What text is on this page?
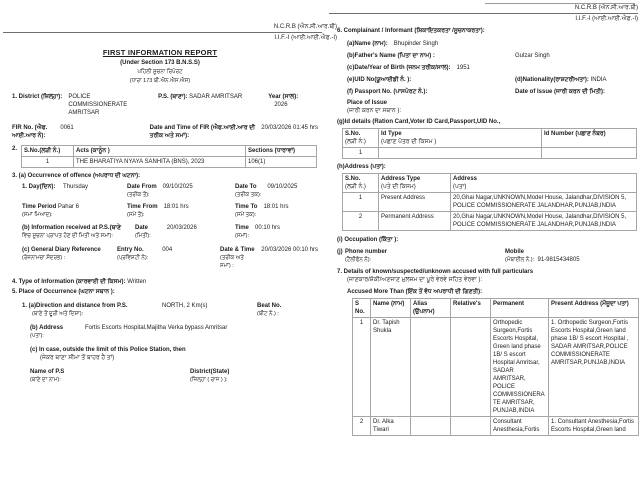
N.C.R.B (ਐਨ.ਸੀ.ਆਰ.ਬੀ)
I.I.F.-I (ਆਈ.ਆਈ.ਐਫ.-I)
FIRST INFORMATION REPORT
(Under Section 173 B.N.S.S)
ਪਹਿਲੀ ਸੂਚਨਾ ਰਿਪੋਰਟ
(ਧਾਰਾ 173 ਬੀ.ਐਨ.ਐਸ.ਐਸ)
1. District (ਜ਼ਿਲ੍ਹਾ): POLICE COMMISSIONERATE AMRITSAR
P.S. (ਥਾਣਾ): SADAR AMRITSAR	Year (ਸਾਲ): 2026
FIR No. (ਐਫ. ਆਈ.ਆਰ ਨੰ):
0061	Date and Time of FIR (ਐਫ.ਆਈ.ਆਰ ਦੀ ਤਰੀਕ ਅਤੇ ਸਮਾਂ):
20/03/2026 01:45 hrs
2.	S.No.(ਲੜੀ ਨੰ.)	Acts (ਕਾਨੂੰਨ )	Sections (ਧਾਰਾਵਾਂ)
1	THE BHARATIYA NYAYA SANHITA (BNS), 2023	106(1)
3. (a) Occurrence of offence (ਅਪਰਾਧ ਦੀ ਘਟਨਾ):
1. Day(ਦਿਨ): Thursday	Date From
(ਤਰੀਕ ਤੋਂ):
09/10/2025	Date To
(ਤਰੀਕ ਤਕ):
09/10/2025
Time Period Pahar 6
(ਸਮਾਂ ਮਿਆਦ):
Time From
(ਸਮੇਂ ਤੋਂ):
18:01 hrs	Time To
(ਸਮੇਂ ਤਕ):
18:01 hrs
(b) Information received at P.S.(ਥਾਣੇ
ਵਿਚ ਸੂਚਨਾ ਪ੍ਰਾਪਤ ਹੋਣ ਦੀ ਮਿਤੀ ਅਤੇ ਸਮਾਂ):
Date
(ਮਿਤੀ):
20/03/2026	Time
(ਸਮਾਂ):
00:10 hrs
(c) General Diary Reference
(ਰੋਜ਼ਨਾਮਚਾ ਸੰਦਰਭ) :
Entry No.
(ਪ੍ਰਵਿਸ਼ਟੀ ਨੰ):
004	Date & Time
(ਤਰੀਕ ਅਤੇ ਸਮਾਂ) :
20/03/2026 00:10 hrs
4. Type of Information (ਕਾਰਵਾਈ ਦੀ ਕਿਸਮ): Written
5. Place of Occurrence (ਘਟਨਾ ਸਥਾਨ ):
1. (a)Direction and distance from P.S.
(ਥਾਣੇ ਤੋਂ ਦੂਰੀ ਅਤੇ ਦਿਸ਼ਾ):
NORTH, 2 Km(s)	Beat No.
(ਬੀਟ ਨੰ.) :
(b) Address
(ਪਤਾ):
Fortis Escorts Hospital,Majitha Verka bypass Amritsar
(c) In case, outside the limit of this Police Station, then
(ਜੇਕਰ ਥਾਣਾ ਸੀਮਾ ਤੋਂ ਬਾਹਰ ਹੈ ਤਾਂ)
Name of P.S
(ਥਾਣੇ ਦਾ ਨਾਮ):
District(State)
(ਜ਼ਿਲ੍ਹਾ ( ਰਾਜ ) ):
N.C.R.B (ਐਨ.ਸੀ.ਆਰ.ਬੀ)
I.I.F.-I (ਆਈ.ਆਈ.ਐਫ.-I)
6. Complainant / Informant (ਸ਼ਿਕਾਇਤਕਰਤਾ /ਸੂਚਨਾਕਰਤਾ):
(a)Name (ਨਾਮ): Bhupinder Singh
(b)Father's Name (ਪਿਤਾ ਦਾ ਨਾਮ) :	Gulzar Singh
(c)Date/Year of Birth (ਜਨਮ ਤਰੀਕ/ਸਾਲ): 1951
(e)UID No(ਯੂਆਈਡੀ ਨੰ. ):	(d)Nationality(ਰਾਸ਼ਟਰੀਅਤਾ): INDIA
(f) Passport No. (ਪਾਸਪੋਰਟ ਨੰ.):	Date of Issue (ਜਾਰੀ ਕਰਨ ਦੀ ਮਿਤੀ):
Place of Issue
(ਜਾਰੀ ਕਰਨ ਦਾ ਸਥਾਨ ):
(g)Id details (Ration Card,Voter ID Card,Passport,UID No.,
S.No.
(ਲੜੀ ਨੰ:)

Id Type
(ਪਛਾਣ ਪੱਤਰ ਦੀ ਕਿਸਮ )
	Id Number (ਪਛਾਣ ਨੰਬਰ)
1		
(h)Address (ਪਤਾ):
S.No.
(ਲੜੀ ਨੰ.)

Address Type
(ਪਤੇ ਦੀ ਕਿਸਮ)

Address
(ਪਤਾ)

1	Present Address	20,Ghai Nagar,UNKNOWN,Model House, Jalandhar,DIVISION 5, POLICE COMMISSIONERATE JALANDHAR,PUNJAB,INDIA
2	Permanent Address	20,Ghai Nagar,UNKNOWN,Model House, Jalandhar,DIVISION 5, POLICE COMMISSIONERATE JALANDHAR,PUNJAB,INDIA
(i) Occupation (ਕਿੱਤਾ ):
(j) Phone number
(ਟੈਲੀਫੋਨ ਨੰ):
Mobile
(ਮੋਬਾਈਲ ਨੰ.): 91-9815434805
7. Details of known/suspected/unknown accused with full particulars
(ਜਾਣਕਾਰ/ਸ਼ੱਕੀ/ਅਣਜਾਣ ਮੁਲਜ਼ਮ ਦਾ ਪੂਰੇ ਵੇਰਵੇ ਸਹਿਤ ਵੇਰਵਾ ):
Accused More Than (ਇੱਕ ਤੋਂ ਵੱਧ ਅਪਰਾਧੀ ਦੀ ਗਿਣਤੀ):
S No.	Name (ਨਾਮ)	Alias (ਉਪਨਾਮ)	Relative's	Permanent	Present Address (ਮੌਜੂਦਾ ਪਤਾ)
1	Dr. Tapish Shukla			Orthopedic Surgeon,Fortis Escorts Hospital, Green land phase 1B/ S escort Hospital Amritsar, SADAR AMRITSAR, POLICE COMMISSIONERATE AMRITSAR, PUNJAB,INDIA	1. Orthopedic Surgeon,Fortis Escorts Hospital,Green land phase 1B/ S escort Hospital , SADAR AMRITSAR,POLICE COMMISSIONERATE AMRITSAR,PUNJAB,INDIA
2	Dr. Alka Tiwari			Consultant Anesthesia,Fortis	1. Consultant Anesthesia,Fortis Escorts Hospital,Green land
